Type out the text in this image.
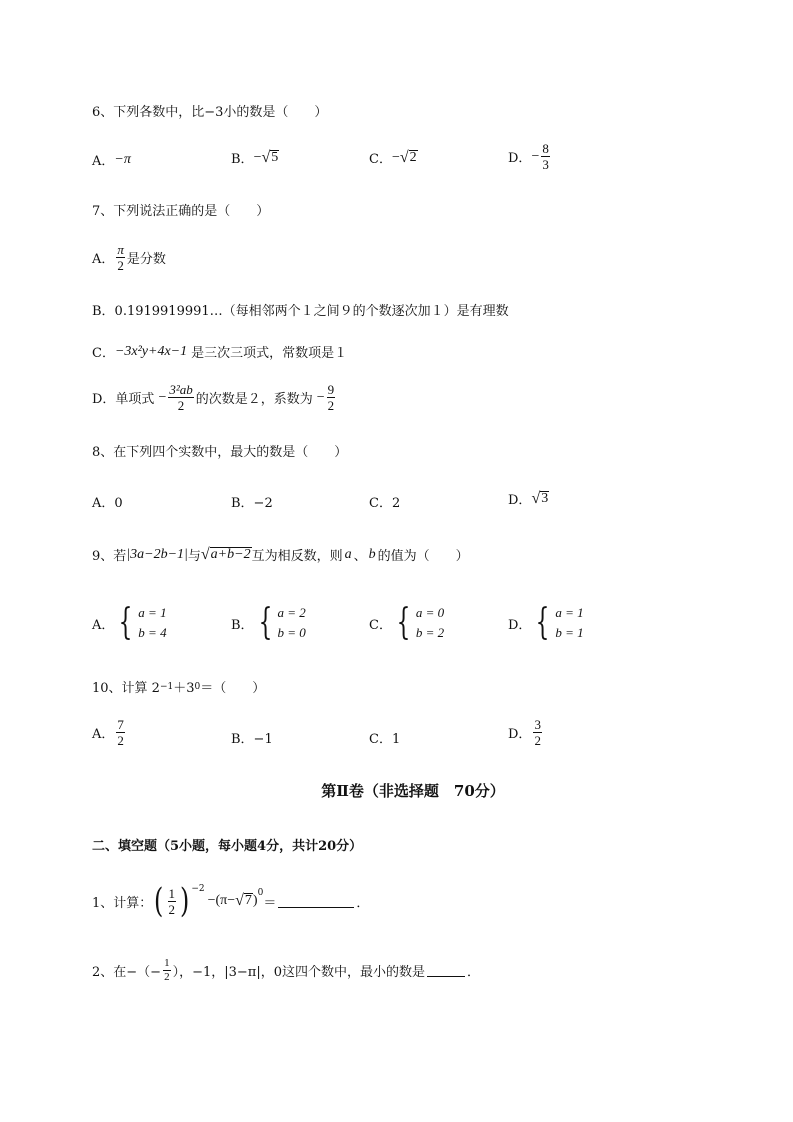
6、下列各数中，比−3小的数是（　　）
A． −π	B． − √ 5	C． − √ 2	D． − $\frac{8}{3}$
7、下列说法正确的是（　　）
A． $\frac{\pi}{2}$ 是分数
B．0.1919919991…（每相邻两个１之间９的个数逐次加１）是有理数
C． −3x²y+4x−1 是三次三项式，常数项是１
D．单项式 − $\frac{\text{3²ab}}{2}$ 的次数是２，系数为 − $\frac{9}{2}$
8、在下列四个实数中，最大的数是（　　）
A．0	B．−2	C．2	D． √ 3
9、若 |3a−2b−1| 与 √ a+b−2 互为相反数，则 a 、 b 的值为（　　）
A． { a = 1
b = 4	B． { a = 2
b = 0	C． { a = 0
b = 2	D． { a = 1
b = 1
10、计算 2 −1 ＋3 0 ＝（　　）
A． $\frac{7}{2}$	B．−1	C．1	D． $\frac{3}{2}$
第Ⅱ卷（非选择题　70分）
二、填空题（5小题，每小题4分，共计20分）
1、计算： ( $\frac{1}{2}$ ) −2
−(π− √ 7 ) 0
＝	．
2、在−（− $\frac{1}{2}$ ），−1，|3−π|，0这四个数中，最小的数是	．
